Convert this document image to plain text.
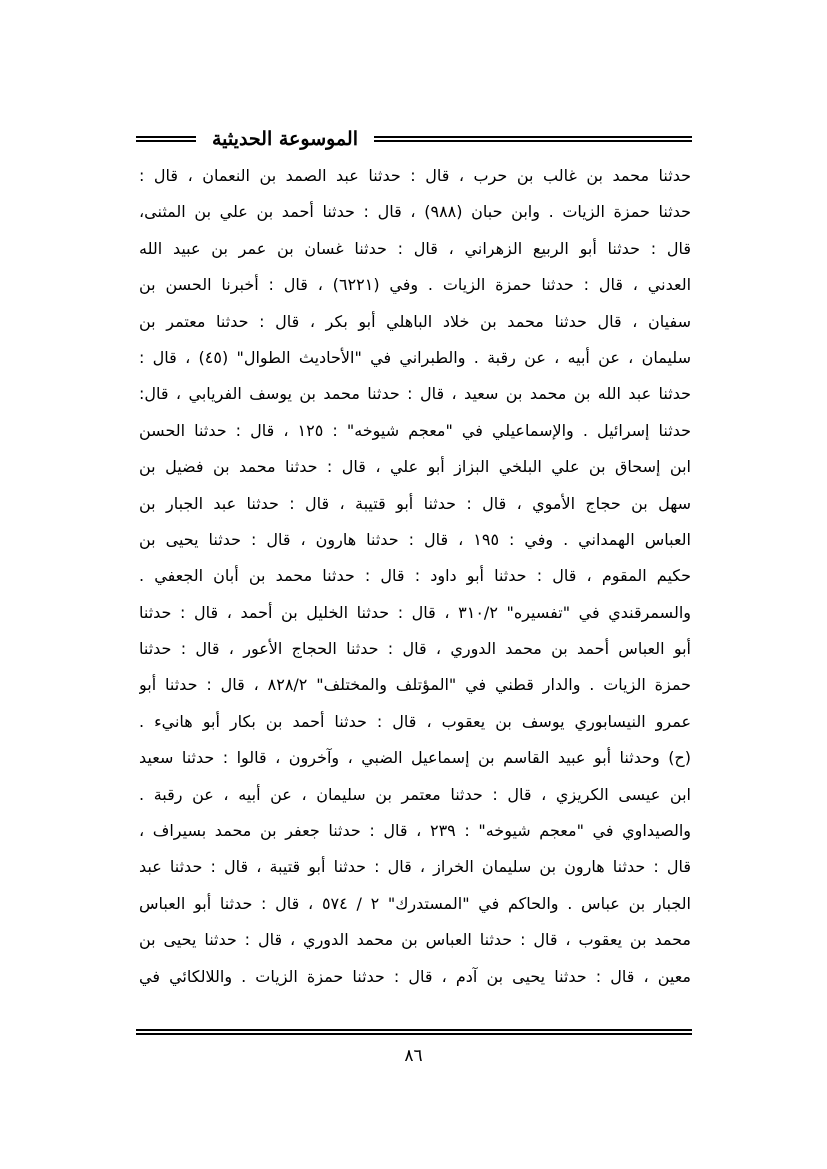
الموسوعة الحديثية
حدثنا محمد بن غالب بن حرب ، قال : حدثنا عبد الصمد بن النعمان ، قال :
حدثنا حمزة الزيات . وابن حبان (٩٨٨) ، قال : حدثنا أحمد بن علي بن المثنى،
قال : حدثنا أبو الربيع الزهراني ، قال : حدثنا غسان بن عمر بن عبيد الله
العدني ، قال : حدثنا حمزة الزيات . وفي (٦٢٢١) ، قال : أخبرنا الحسن بن
سفيان ، قال حدثنا محمد بن خلاد الباهلي أبو بكر ، قال : حدثنا معتمر بن
سليمان ، عن أبيه ، عن رقبة . والطبراني في "الأحاديث الطوال" (٤٥) ، قال :
حدثنا عبد الله بن محمد بن سعيد ، قال : حدثنا محمد بن يوسف الفريابي ، قال:
حدثنا إسرائيل . والإسماعيلي في "معجم شيوخه" : ١٢٥ ، قال : حدثنا الحسن
ابن إسحاق بن علي البلخي البزاز أبو علي ، قال : حدثنا محمد بن فضيل بن
سهل بن حجاج الأموي ، قال : حدثنا أبو قتيبة ، قال : حدثنا عبد الجبار بن
العباس الهمداني . وفي : ١٩٥ ، قال : حدثنا هارون ، قال : حدثنا يحيى بن
حكيم المقوم ، قال : حدثنا أبو داود : قال : حدثنا محمد بن أبان الجعفي .
والسمرقندي في "تفسيره" ٣١٠/٢ ، قال : حدثنا الخليل بن أحمد ، قال : حدثنا
أبو العباس أحمد بن محمد الدوري ، قال : حدثنا الحجاج الأعور ، قال : حدثنا
حمزة الزيات . والدار قطني في "المؤتلف والمختلف" ٨٢٨/٢ ، قال : حدثنا أبو
عمرو النيسابوري يوسف بن يعقوب ، قال : حدثنا أحمد بن بكار أبو هانيء .
(ح) وحدثنا أبو عبيد القاسم بن إسماعيل الضبي ، وآخرون ، قالوا : حدثنا سعيد
ابن عيسى الكريزي ، قال : حدثنا معتمر بن سليمان ، عن أبيه ، عن رقبة .
والصيداوي في "معجم شيوخه" : ٢٣٩ ، قال : حدثنا جعفر بن محمد بسيراف ،
قال : حدثنا هارون بن سليمان الخراز ، قال : حدثنا أبو قتيبة ، قال : حدثنا عبد
الجبار بن عباس . والحاكم في "المستدرك" ٢ / ٥٧٤ ، قال : حدثنا أبو العباس
محمد بن يعقوب ، قال : حدثنا العباس بن محمد الدوري ، قال : حدثنا يحيى بن
معين ، قال : حدثنا يحيى بن آدم ، قال : حدثنا حمزة الزيات . واللالكائي في
٨٦
